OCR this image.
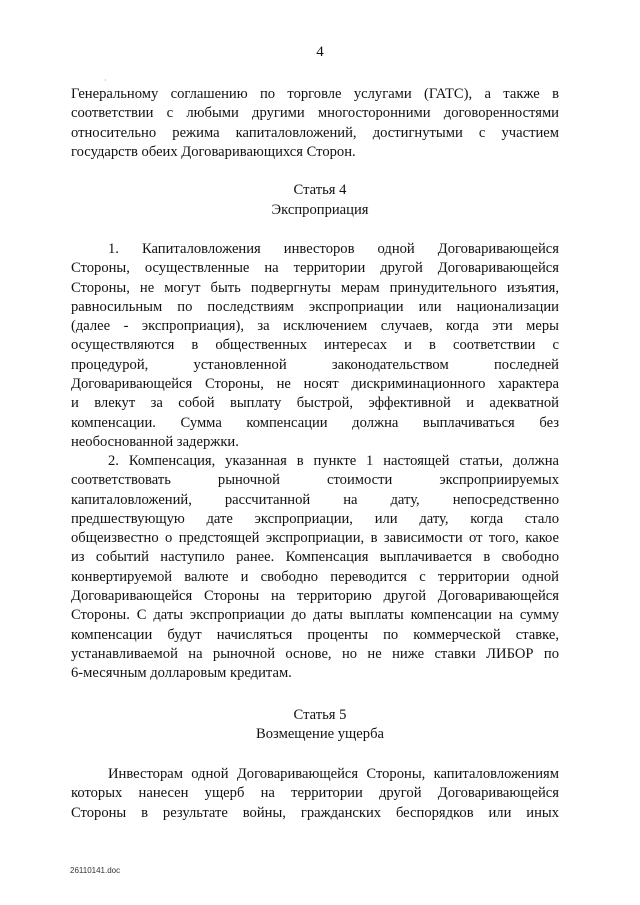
4
Генеральному соглашению по торговле услугами (ГАТС), а также в
соответствии с любыми другими многосторонними договоренностями
относительно режима капиталовложений, достигнутыми с участием
государств обеих Договаривающихся Сторон.
Статья 4
Экспроприация
1. Капиталовложения инвесторов одной Договаривающейся
Стороны, осуществленные на территории другой Договаривающейся
Стороны, не могут быть подвергнуты мерам принудительного изъятия,
равносильным по последствиям экспроприации или национализации
(далее - экспроприация), за исключением случаев, когда эти меры
осуществляются в общественных интересах и в соответствии с
процедурой, установленной законодательством последней
Договаривающейся Стороны, не носят дискриминационного характера
и влекут за собой выплату быстрой, эффективной и адекватной
компенсации. Сумма компенсации должна выплачиваться без
необоснованной задержки.
2. Компенсация, указанная в пункте 1 настоящей статьи, должна
соответствовать рыночной стоимости экспроприируемых
капиталовложений, рассчитанной на дату, непосредственно
предшествующую дате экспроприации, или дату, когда стало
общеизвестно о предстоящей экспроприации, в зависимости от того, какое
из событий наступило ранее. Компенсация выплачивается в свободно
конвертируемой валюте и свободно переводится с территории одной
Договаривающейся Стороны на территорию другой Договаривающейся
Стороны. С даты экспроприации до даты выплаты компенсации на сумму
компенсации будут начисляться проценты по коммерческой ставке,
устанавливаемой на рыночной основе, но не ниже ставки ЛИБОР по
6-месячным долларовым кредитам.
Статья 5
Возмещение ущерба
Инвесторам одной Договаривающейся Стороны, капиталовложениям
которых нанесен ущерб на территории другой Договаривающейся
Стороны в результате войны, гражданских беспорядков или иных
·
26110141.doc
